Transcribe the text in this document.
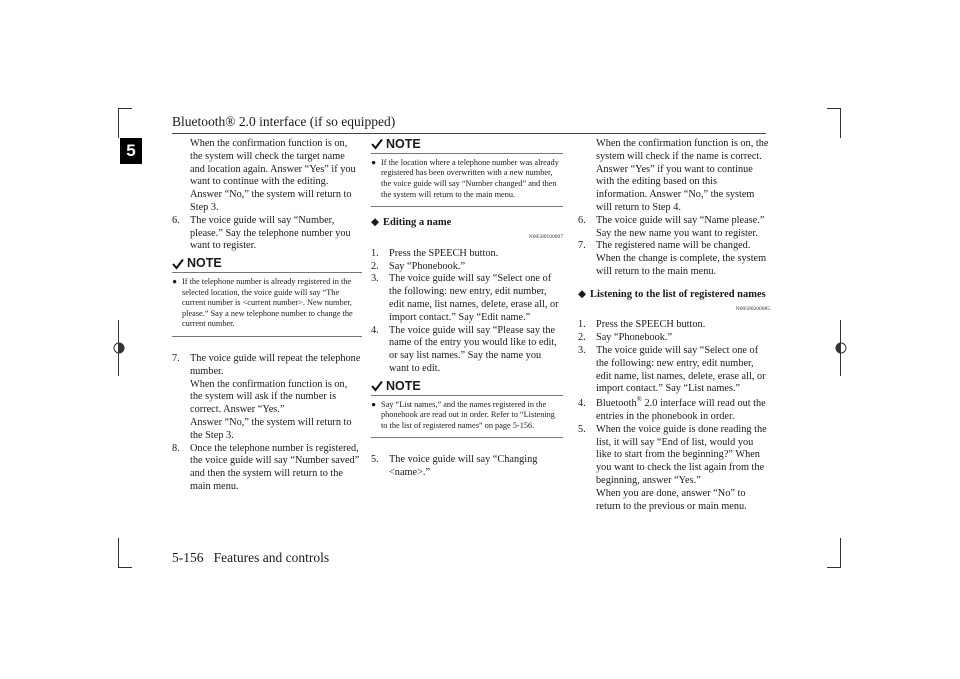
Bluetooth® 2.0 interface (if so equipped)
5	When the confirmation function is on, the system will check the target name and location again. Answer “Yes” if you want to continue with the editing.

Answer “No,” the system will return to Step 3.

6. The voice guide will say “Number, please.” Say the telephone number you want to register.
NOTE
● If the telephone number is already registered in the selected location, the voice guide will say “The current number is <current number>. New number, please.” Say a new telephone number to change the current number.
7. The voice guide will repeat the telephone number.

When the confirmation function is on, the system will ask if the number is correct. Answer “Yes.”

Answer “No,” the system will return to the Step 3.

8. Once the telephone number is registered, the voice guide will say “Number saved” and then the system will return to the main menu.
NOTE
● If the location where a telephone number was already registered has been overwritten with a new number, the voice guide will say “Number changed” and then the system will return to the main menu.
◆ Editing a name
N00580100097
1. Press the SPEECH button.
2. Say “Phonebook.”
3. The voice guide will say “Select one of the following: new entry, edit number, edit name, list names, delete, erase all, or import contact.” Say “Edit name.”
4. The voice guide will say “Please say the name of the entry you would like to edit, or say list names.” Say the name you want to edit.
NOTE
● Say “List names,” and the names registered in the phonebook are read out in order. Refer to “Listening to the list of registered names” on page 5-156.
5. The voice guide will say “Changing <name>.”

When the confirmation function is on, the system will check if the name is correct. Answer “Yes” if you want to continue with the editing based on this information. Answer “No,” the system will return to Step 4.

6. The voice guide will say “Name please.” Say the new name you want to register.
7. The registered name will be changed.

When the change is complete, the system will return to the main menu.

◆ Listening to the list of registered names
N00580200085
1. Press the SPEECH button.
2. Say “Phonebook.”
3. The voice guide will say “Select one of the following: new entry, edit number, edit name, list names, delete, erase all, or import contact.” Say “List names.”
4. Bluetooth® 2.0 interface will read out the entries in the phonebook in order.
5. When the voice guide is done reading the list, it will say “End of list, would you like to start from the beginning?” When you want to check the list again from the beginning, answer “Yes.”

When you are done, answer “No” to return to the previous or main menu.

5-156 Features and controls
